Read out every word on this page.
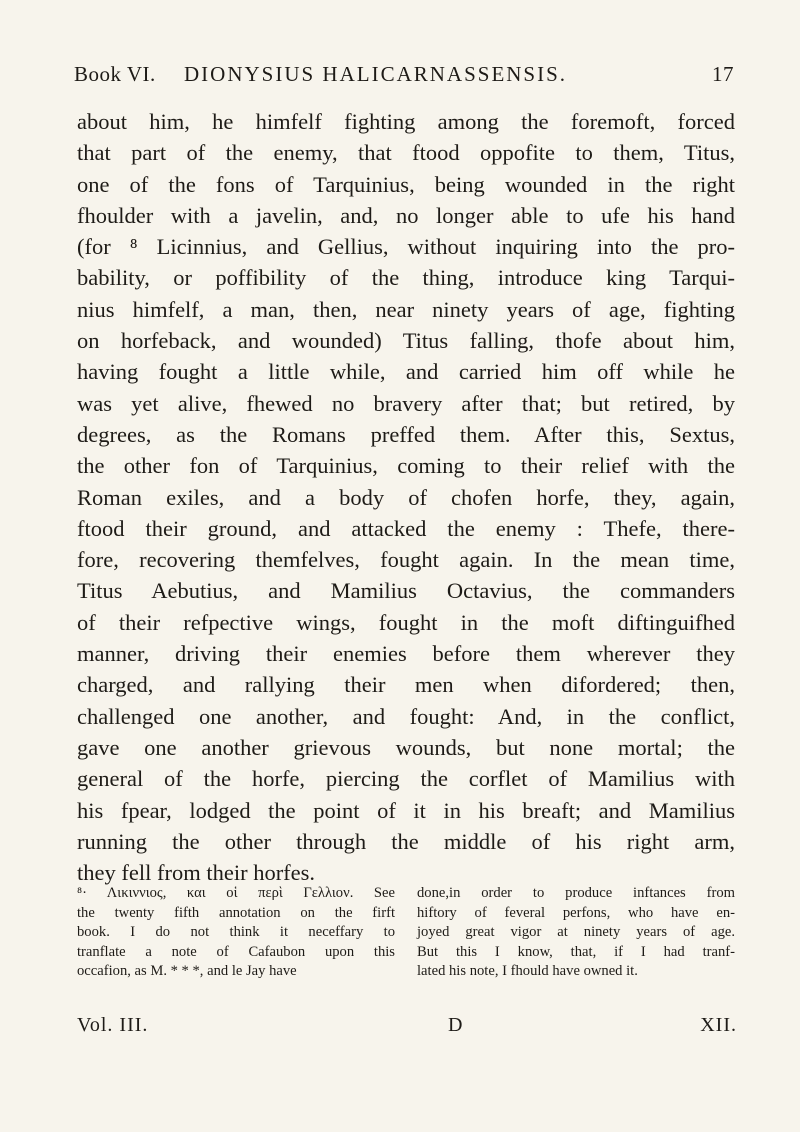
Book VI. DIONYSIUS HALICARNASSENSIS.	17
about him, he himfelf fighting among the foremoft, forced
that part of the enemy, that ftood oppofite to them, Titus,
one of the fons of Tarquinius, being wounded in the right
fhoulder with a javelin, and, no longer able to ufe his hand
(for ⁸ Licinnius, and Gellius, without inquiring into the pro-
bability, or poffibility of the thing, introduce king Tarqui-
nius himfelf, a man, then, near ninety years of age, fighting
on horfeback, and wounded) Titus falling, thofe about him,
having fought a little while, and carried him off while he
was yet alive, fhewed no bravery after that; but retired, by
degrees, as the Romans preffed them. After this, Sextus,
the other fon of Tarquinius, coming to their relief with the
Roman exiles, and a body of chofen horfe, they, again,
ftood their ground, and attacked the enemy : Thefe, there-
fore, recovering themfelves, fought again. In the mean time,
Titus Aebutius, and Mamilius Octavius, the commanders
of their refpective wings, fought in the moft diftinguifhed
manner, driving their enemies before them wherever they
charged, and rallying their men when difordered; then,
challenged one another, and fought: And, in the conflict,
gave one another grievous wounds, but none mortal; the
general of the horfe, piercing the corflet of Mamilius with
his fpear, lodged the point of it in his breaft; and Mamilius
running the other through the middle of his right arm,
they fell from their horfes.
⁸· Λικιννιος, και οἱ περὶ Γελλιον. See
the twenty fifth annotation on the firft
book. I do not think it neceffary to
tranflate a note of Cafaubon upon this
occafion, as M. * * *, and le Jay have
done,in order to produce inftances from
hiftory of feveral perfons, who have en-
joyed great vigor at ninety years of age.
But this I know, that, if I had tranf-
lated his note, I fhould have owned it.
Vol. III.	D	XII.
